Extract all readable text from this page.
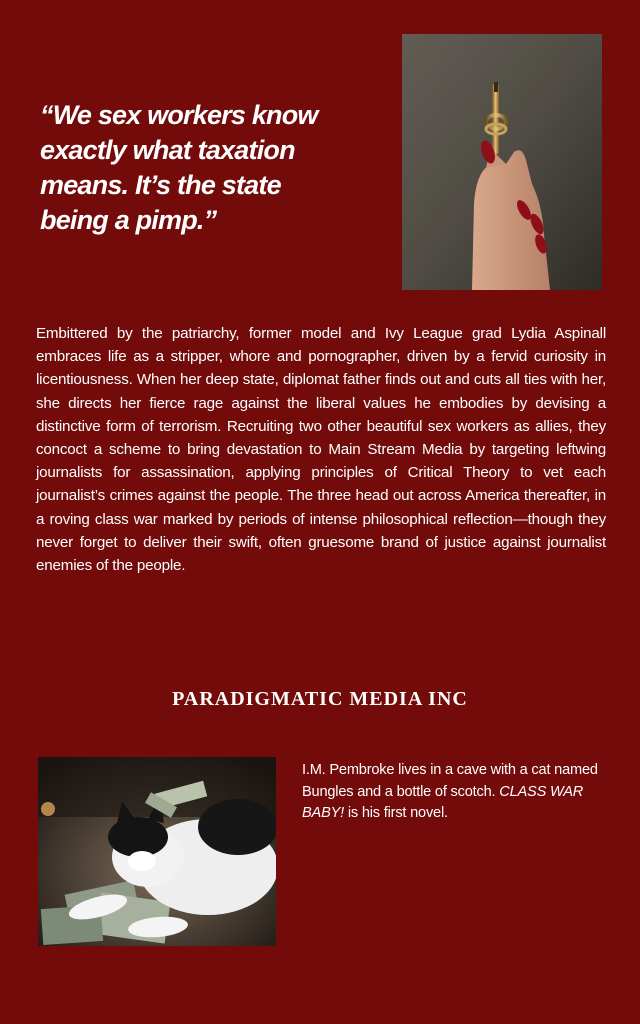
“We sex workers know
exactly what taxation
means. It’s the state
being a pimp.”

Embittered by the patriarchy, former model and Ivy League grad Lydia Aspinall embraces life as a stripper, whore and pornographer, driven by a fervid curiosity in licentiousness. When her deep state, diplomat father finds out and cuts all ties with her, she directs her fierce rage against the liberal values he embodies by devising a distinctive form of terrorism. Recruiting two other beautiful sex workers as allies, they concoct a scheme to bring devastation to Main Stream Media by targeting leftwing journalists for assassination, applying principles of Critical Theory to vet each journalist’s crimes against the people. The three head out across America thereafter, in a roving class war marked by periods of intense philosophical reflection—though they never forget to deliver their swift, often gruesome brand of justice against journalist enemies of the people.

PARADIGMATIC MEDIA INC

I.M. Pembroke lives in a cave with a cat named Bungles and a bottle of scotch. CLASS WAR BABY! is his first novel.
